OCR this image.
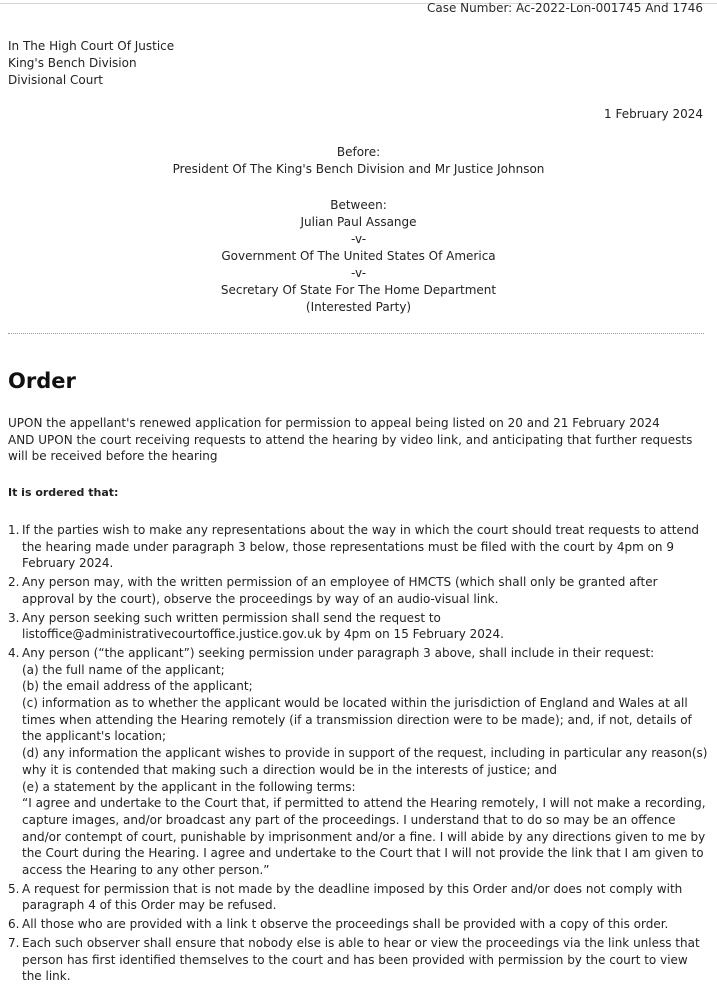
Case Number: Ac-2022-Lon-001745 And 1746
In The High Court Of Justice
King's Bench Division
Divisional Court
1 February 2024
Before:
President Of The King's Bench Division and Mr Justice Johnson
Between:
Julian Paul Assange
-v-
Government Of The United States Of America
-v-
Secretary Of State For The Home Department
(Interested Party)
Order
UPON the appellant's renewed application for permission to appeal being listed on 20 and 21 February 2024
AND UPON the court receiving requests to attend the hearing by video link, and anticipating that further requests will be received before the hearing
It is ordered that:
1. If the parties wish to make any representations about the way in which the court should treat requests to attend the hearing made under paragraph 3 below, those representations must be filed with the court by 4pm on 9 February 2024.
2. Any person may, with the written permission of an employee of HMCTS (which shall only be granted after approval by the court), observe the proceedings by way of an audio-visual link.
3. Any person seeking such written permission shall send the request to listoffice@administrativecourtoffice.justice.gov.uk by 4pm on 15 February 2024.
4. Any person (“the applicant”) seeking permission under paragraph 3 above, shall include in their request:
(a) the full name of the applicant;
(b) the email address of the applicant;
(c) information as to whether the applicant would be located within the jurisdiction of England and Wales at all times when attending the Hearing remotely (if a transmission direction were to be made); and, if not, details of the applicant's location;
(d) any information the applicant wishes to provide in support of the request, including in particular any reason(s) why it is contended that making such a direction would be in the interests of justice; and
(e) a statement by the applicant in the following terms:
“I agree and undertake to the Court that, if permitted to attend the Hearing remotely, I will not make a recording, capture images, and/or broadcast any part of the proceedings. I understand that to do so may be an offence and/or contempt of court, punishable by imprisonment and/or a fine. I will abide by any directions given to me by the Court during the Hearing. I agree and undertake to the Court that I will not provide the link that I am given to access the Hearing to any other person.”
5. A request for permission that is not made by the deadline imposed by this Order and/or does not comply with paragraph 4 of this Order may be refused.
6. All those who are provided with a link t observe the proceedings shall be provided with a copy of this order.
7. Each such observer shall ensure that nobody else is able to hear or view the proceedings via the link unless that person has first identified themselves to the court and has been provided with permission by the court to view the link.
